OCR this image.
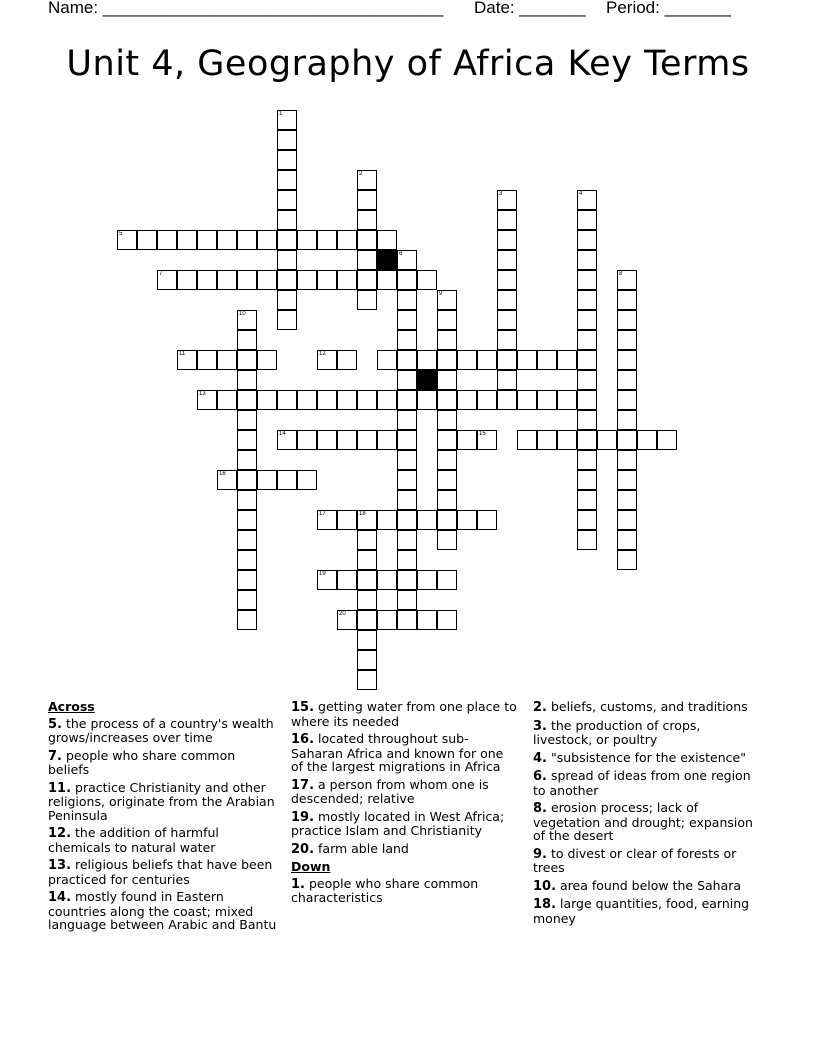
Name: ____________________________________ Date: _______ Period: _______
Unit 4, Geography of Africa Key Terms
1
2
3	4
5
6
7	8
9
10
11	12
13
14	15
16
17	18
19
20
Across
5. the process of a country's wealth grows/increases over time
7. people who share common beliefs
11. practice Christianity and other religions, originate from the Arabian Peninsula
12. the addition of harmful chemicals to natural water
13. religious beliefs that have been practiced for centuries
14. mostly found in Eastern countries along the coast; mixed language between Arabic and Bantu
15. getting water from one place to where its needed
16. located throughout sub-Saharan Africa and known for one of the largest migrations in Africa
17. a person from whom one is descended; relative
19. mostly located in West Africa; practice Islam and Christianity
20. farm able land
Down
1. people who share common characteristics
2. beliefs, customs, and traditions
3. the production of crops, livestock, or poultry
4. "subsistence for the existence"
6. spread of ideas from one region to another
8. erosion process; lack of vegetation and drought; expansion of the desert
9. to divest or clear of forests or trees
10. area found below the Sahara
18. large quantities, food, earning money
